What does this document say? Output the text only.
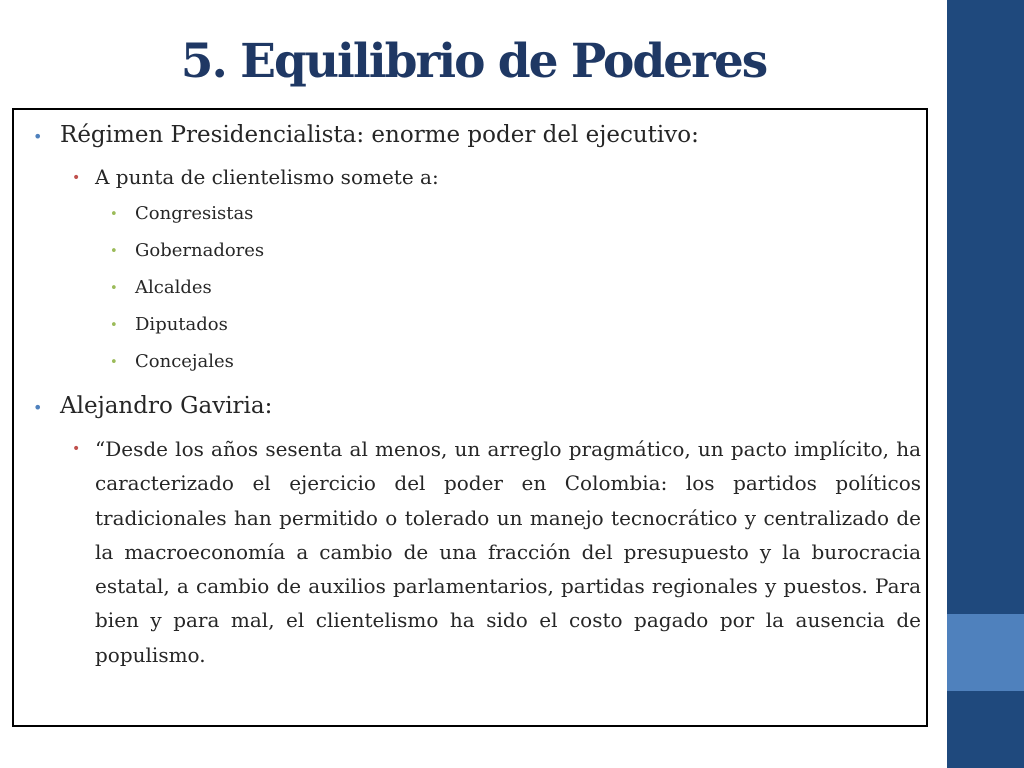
5. Equilibrio de Poderes
• Régimen Presidencialista: enorme poder del ejecutivo:
• A punta de clientelismo somete a:
• Congresistas
• Gobernadores
• Alcaldes
• Diputados
• Concejales
• Alejandro Gaviria:
• “Desde los años sesenta al menos, un arreglo pragmático, un pacto implícito, ha caracterizado el ejercicio del poder en Colombia: los partidos políticos tradicionales han permitido o tolerado un manejo tecnocrático y centralizado de la macroeconomía a cambio de una fracción del presupuesto y la burocracia estatal, a cambio de auxilios parlamentarios, partidas regionales y puestos. Para bien y para mal, el clientelismo ha sido el costo pagado por la ausencia de populismo.
